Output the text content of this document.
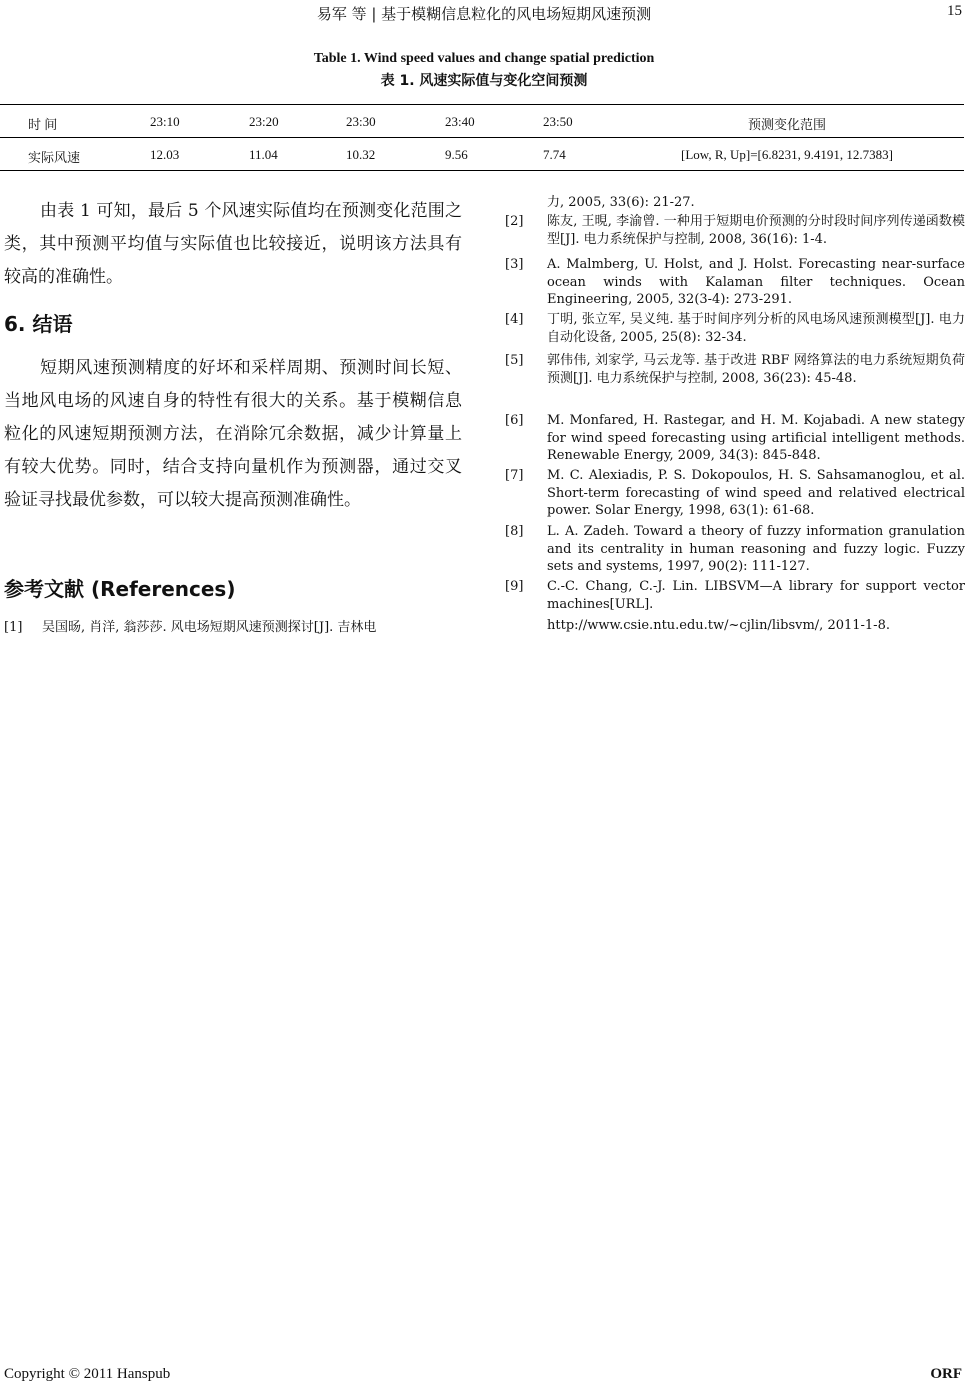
易军 等 | 基于模糊信息粒化的风电场短期风速预测	15
Table 1. Wind speed values and change spatial prediction
表 1. 风速实际值与变化空间预测
时 间	23:10	23:20	23:30	23:40	23:50	预测变化范围
实际风速	12.03	11.04	10.32	9.56	7.74	[Low, R, Up]=[6.8231, 9.4191, 12.7383]

由表 1 可知，最后 5 个风速实际值均在预测变化范围之类，其中预测平均值与实际值也比较接近，说明该方法具有较高的准确性。

6. 结语

短期风速预测精度的好坏和采样周期、预测时间长短、当地风电场的风速自身的特性有很大的关系。基于模糊信息粒化的风速短期预测方法，在消除冗余数据，减少计算量上有较大优势。同时，结合支持向量机作为预测器，通过交叉验证寻找最优参数，可以较大提高预测准确性。

参考文献 (References)
[1] 吴国旸, 肖洋, 翁莎莎. 风电场短期风速预测探讨[J]. 吉林电
力, 2005, 33(6): 21-27.
[2] 陈友, 王晛, 李渝曾. 一种用于短期电价预测的分时段时间序列传递函数模型[J]. 电力系统保护与控制, 2008, 36(16): 1-4.
[3] A. Malmberg, U. Holst, and J. Holst. Forecasting near-surface ocean winds with Kalaman filter techniques. Ocean Engineering, 2005, 32(3-4): 273-291.
[4] 丁明, 张立军, 吴义纯. 基于时间序列分析的风电场风速预测模型[J]. 电力自动化设备, 2005, 25(8): 32-34.
[5] 郭伟伟, 刘家学, 马云龙等. 基于改进 RBF 网络算法的电力系统短期负荷预测[J]. 电力系统保护与控制, 2008, 36(23): 45-48.
[6] M. Monfared, H. Rastegar, and H. M. Kojabadi. A new stategy for wind speed forecasting using artificial intelligent methods. Renewable Energy, 2009, 34(3): 845-848.
[7] M. C. Alexiadis, P. S. Dokopoulos, H. S. Sahsamanoglou, et al. Short-term forecasting of wind speed and relatived electrical power. Solar Energy, 1998, 63(1): 61-68.
[8] L. A. Zadeh. Toward a theory of fuzzy information granulation and its centrality in human reasoning and fuzzy logic. Fuzzy sets and systems, 1997, 90(2): 111-127.
[9] C.-C. Chang, C.-J. Lin. LIBSVM—A library for support vector machines[URL].
http://www.csie.ntu.edu.tw/~cjlin/libsvm/, 2011-1-8.
Copyright © 2011 Hanspub	ORF
